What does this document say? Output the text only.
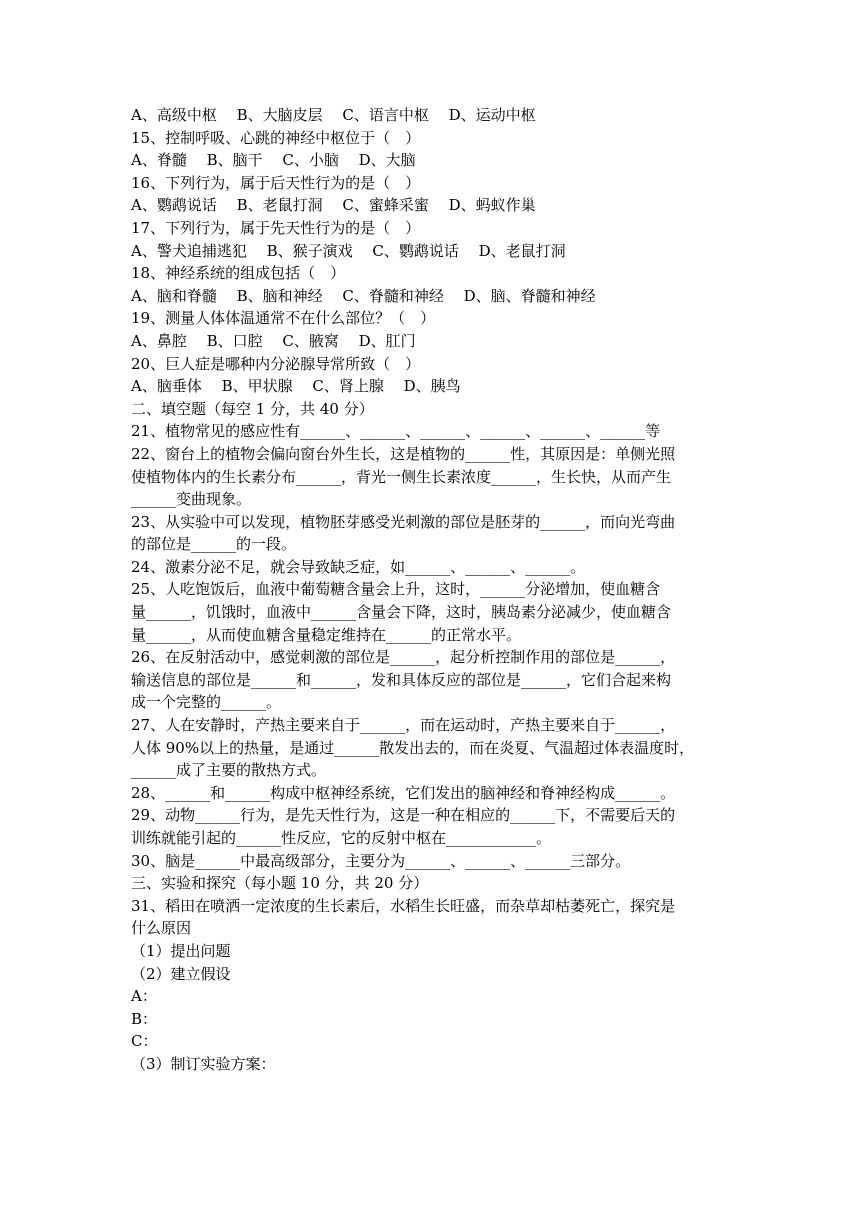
A、高级中枢　 B、大脑皮层　 C、语言中枢　 D、运动中枢
15、控制呼吸、心跳的神经中枢位于（　）
A、脊髓　 B、脑干　 C、小脑　 D、大脑
16、下列行为，属于后天性行为的是（　）
A、鹦鹉说话　 B、老鼠打洞　 C、蜜蜂采蜜　 D、蚂蚁作巢
17、下列行为，属于先天性行为的是（　）
A、警犬追捕逃犯　 B、猴子演戏　 C、鹦鹉说话　 D、老鼠打洞
18、神经系统的组成包括（　）
A、脑和脊髓　 B、脑和神经　 C、脊髓和神经　 D、脑、脊髓和神经
19、测量人体体温通常不在什么部位？（　）
A、鼻腔　 B、口腔　 C、腋窝　 D、肛门
20、巨人症是哪种内分泌腺导常所致（　）
A、脑垂体　 B、甲状腺　 C、肾上腺　 D、胰鸟
二、填空题（每空 1 分，共 40 分）
21、植物常见的感应性有______、______、______、______、______、______等
22、窗台上的植物会偏向窗台外生长，这是植物的______性，其原因是：单侧光照
使植物体内的生长素分布______，背光一侧生长素浓度______，生长快，从而产生
______变曲现象。
23、从实验中可以发现，植物胚芽感受光刺激的部位是胚芽的______，而向光弯曲
的部位是______的一段。
24、激素分泌不足，就会导致缺乏症，如______、______、______。
25、人吃饱饭后，血液中葡萄糖含量会上升，这时，______分泌增加，使血糖含
量______，饥饿时，血液中______含量会下降，这时，胰岛素分泌减少，使血糖含
量______，从而使血糖含量稳定维持在______的正常水平。
26、在反射活动中，感觉刺激的部位是______，起分析控制作用的部位是______，
输送信息的部位是______和______，发和具体反应的部位是______，它们合起来构
成一个完整的______。
27、人在安静时，产热主要来自于______，而在运动时，产热主要来自于______，
人体 90%以上的热量，是通过______散发出去的，而在炎夏、气温超过体表温度时，
______成了主要的散热方式。
28、______和______构成中枢神经系统，它们发出的脑神经和脊神经构成______。
29、动物______行为，是先天性行为，这是一种在相应的______下，不需要后天的
训练就能引起的______性反应，它的反射中枢在____________。
30、脑是______中最高级部分，主要分为______、______、______三部分。
三、实验和探究（每小题 10 分，共 20 分）
31、稻田在喷洒一定浓度的生长素后，水稻生长旺盛，而杂草却枯萎死亡，探究是
什么原因
（1）提出问题
（2）建立假设
A：
B：
C：
（3）制订实验方案：
